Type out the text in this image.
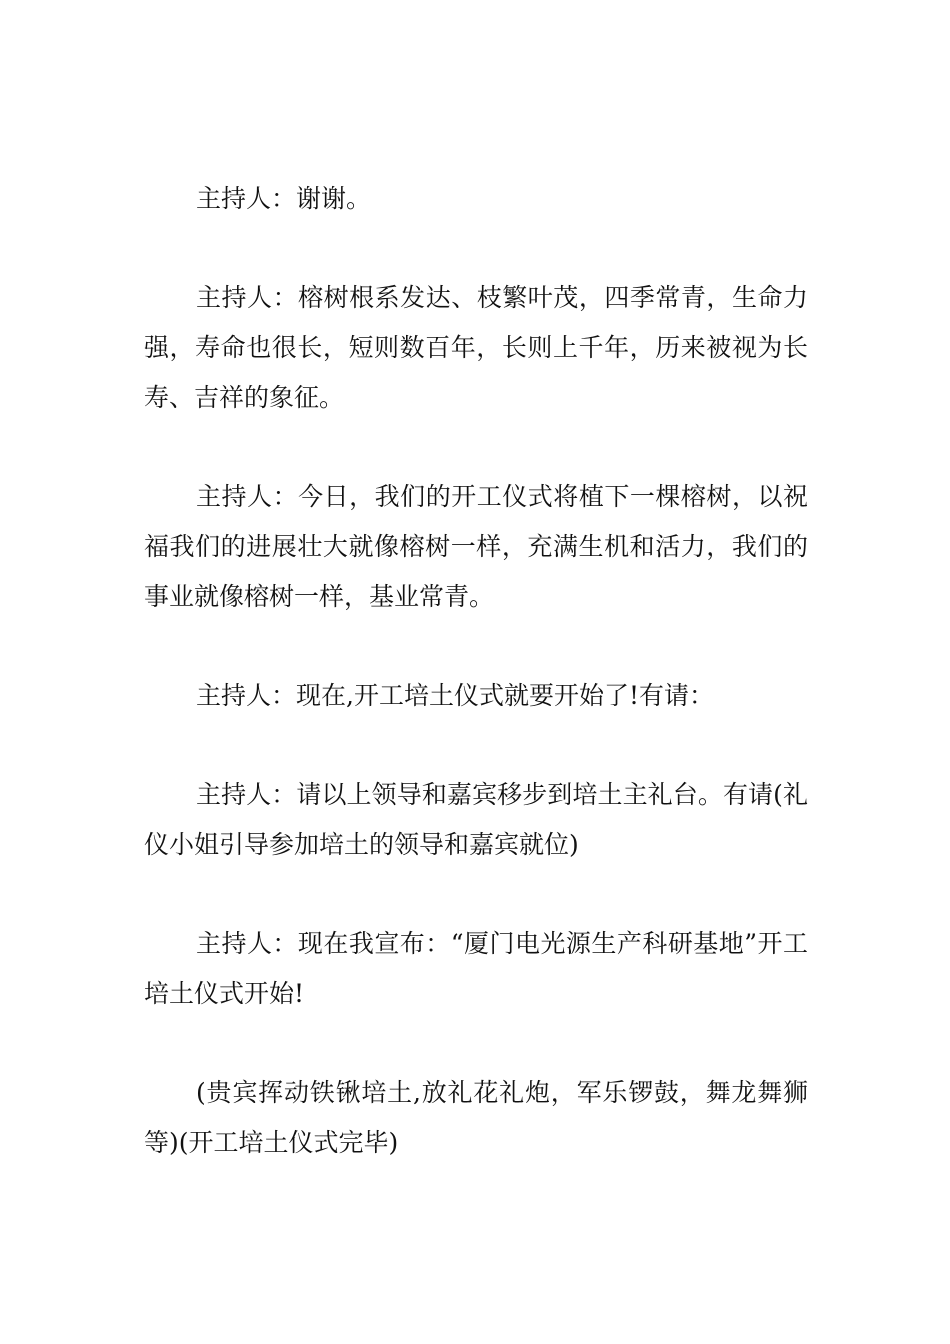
主持人：谢谢。

主持人：榕树根系发达、枝繁叶茂，四季常青，生命力强，寿命也很长，短则数百年，长则上千年，历来被视为长寿、吉祥的象征。

主持人：今日，我们的开工仪式将植下一棵榕树，以祝福我们的进展壮大就像榕树一样，充满生机和活力，我们的事业就像榕树一样，基业常青。

主持人：现在,开工培土仪式就要开始了!有请：

主持人：请以上领导和嘉宾移步到培土主礼台。有请(礼仪小姐引导参加培土的领导和嘉宾就位)

主持人：现在我宣布：“厦门电光源生产科研基地”开工培土仪式开始!

(贵宾挥动铁锹培土,放礼花礼炮，军乐锣鼓，舞龙舞狮等)(开工培土仪式完毕)
